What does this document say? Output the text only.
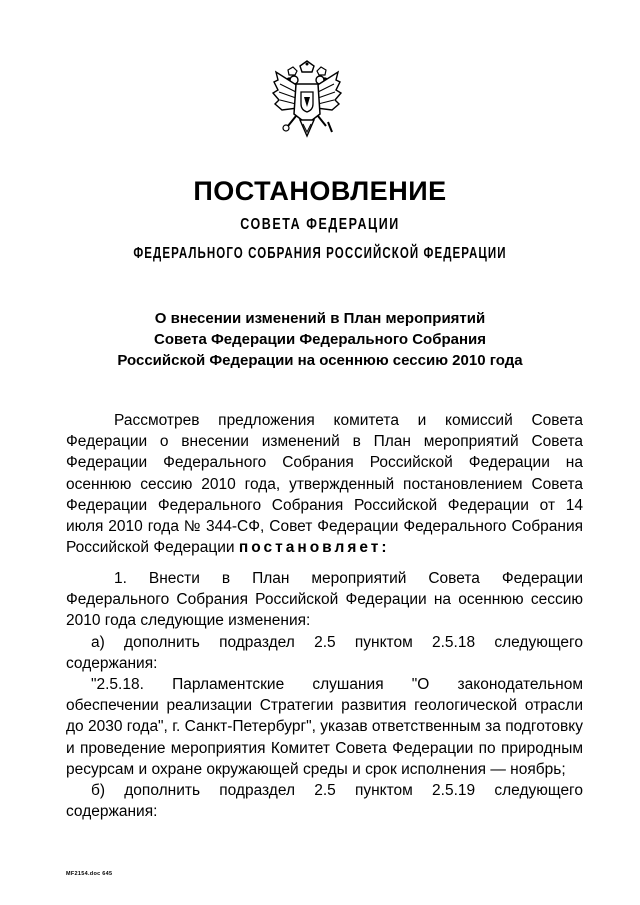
ПОСТАНОВЛЕНИЕ
СОВЕТА ФЕДЕРАЦИИ
ФЕДЕРАЛЬНОГО СОБРАНИЯ РОССИЙСКОЙ ФЕДЕРАЦИИ
О внесении изменений в План мероприятий
Совета Федерации Федерального Собрания
Российской Федерации на осеннюю сессию 2010 года

Рассмотрев предложения комитета и комиссий Совета Федерации о внесении изменений в План мероприятий Совета Федерации Федерального Собрания Российской Федерации на осеннюю сессию 2010 года, утвержденный постановлением Совета Федерации Федерального Собрания Российской Федерации от 14 июля 2010 года № 344-СФ, Совет Федерации Федерального Собрания Российской Федерации постановляет:

1. Внести в План мероприятий Совета Федерации Федерального Собрания Российской Федерации на осеннюю сессию 2010 года следующие изменения:

а) дополнить подраздел 2.5 пунктом 2.5.18 следующего содержания:

"2.5.18. Парламентские слушания "О законодательном обеспечении реализации Стратегии развития геологической отрасли до 2030 года", г. Санкт-Петербург", указав ответственным за подготовку и проведение мероприятия Комитет Совета Федерации по природным ресурсам и охране окружающей среды и срок исполнения — ноябрь;

б) дополнить подраздел 2.5 пунктом 2.5.19 следующего содержания:

MF2154.doc 645
